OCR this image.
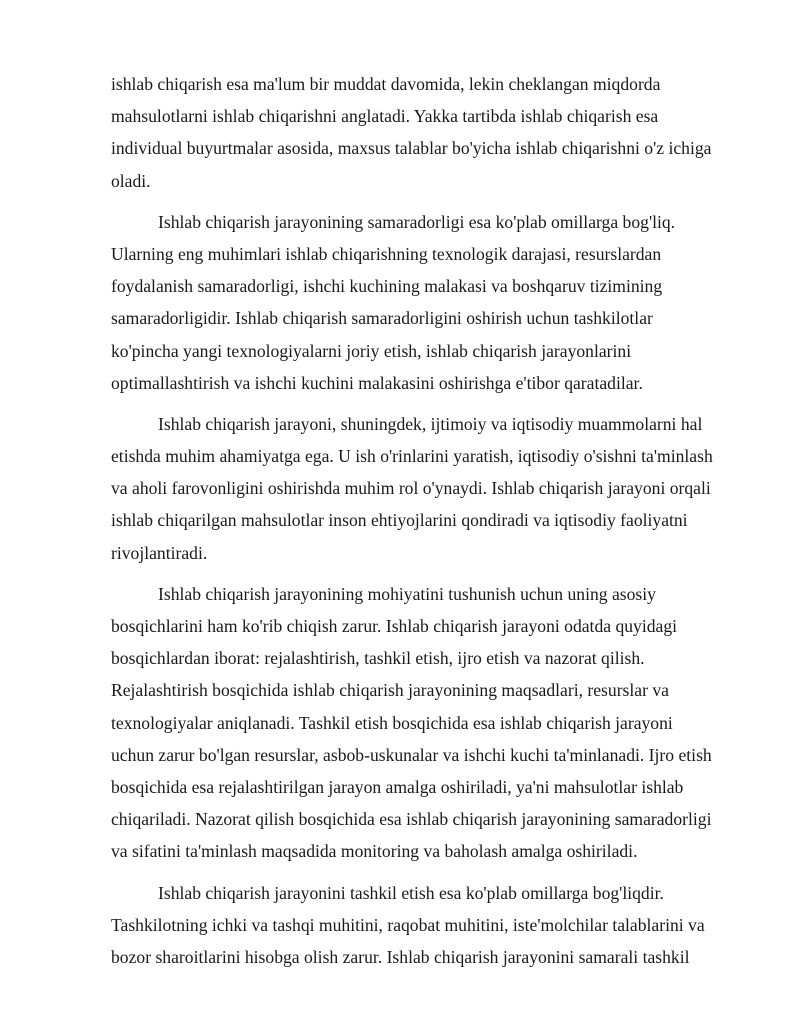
ishlab chiqarish esa ma'lum bir muddat davomida, lekin cheklangan miqdorda
mahsulotlarni ishlab chiqarishni anglatadi. Yakka tartibda ishlab chiqarish esa
individual buyurtmalar asosida, maxsus talablar bo'yicha ishlab chiqarishni o'z ichiga
oladi.
Ishlab chiqarish jarayonining samaradorligi esa ko'plab omillarga bog'liq.
Ularning eng muhimlari ishlab chiqarishning texnologik darajasi, resurslardan
foydalanish samaradorligi, ishchi kuchining malakasi va boshqaruv tizimining
samaradorligidir. Ishlab chiqarish samaradorligini oshirish uchun tashkilotlar
ko'pincha yangi texnologiyalarni joriy etish, ishlab chiqarish jarayonlarini
optimallashtirish va ishchi kuchini malakasini oshirishga e'tibor qaratadilar.
Ishlab chiqarish jarayoni, shuningdek, ijtimoiy va iqtisodiy muammolarni hal
etishda muhim ahamiyatga ega. U ish o'rinlarini yaratish, iqtisodiy o'sishni ta'minlash
va aholi farovonligini oshirishda muhim rol o'ynaydi. Ishlab chiqarish jarayoni orqali
ishlab chiqarilgan mahsulotlar inson ehtiyojlarini qondiradi va iqtisodiy faoliyatni
rivojlantiradi.
Ishlab chiqarish jarayonining mohiyatini tushunish uchun uning asosiy
bosqichlarini ham ko'rib chiqish zarur. Ishlab chiqarish jarayoni odatda quyidagi
bosqichlardan iborat: rejalashtirish, tashkil etish, ijro etish va nazorat qilish.
Rejalashtirish bosqichida ishlab chiqarish jarayonining maqsadlari, resurslar va
texnologiyalar aniqlanadi. Tashkil etish bosqichida esa ishlab chiqarish jarayoni
uchun zarur bo'lgan resurslar, asbob-uskunalar va ishchi kuchi ta'minlanadi. Ijro etish
bosqichida esa rejalashtirilgan jarayon amalga oshiriladi, ya'ni mahsulotlar ishlab
chiqariladi. Nazorat qilish bosqichida esa ishlab chiqarish jarayonining samaradorligi
va sifatini ta'minlash maqsadida monitoring va baholash amalga oshiriladi.
Ishlab chiqarish jarayonini tashkil etish esa ko'plab omillarga bog'liqdir.
Tashkilotning ichki va tashqi muhitini, raqobat muhitini, iste'molchilar talablarini va
bozor sharoitlarini hisobga olish zarur. Ishlab chiqarish jarayonini samarali tashkil
